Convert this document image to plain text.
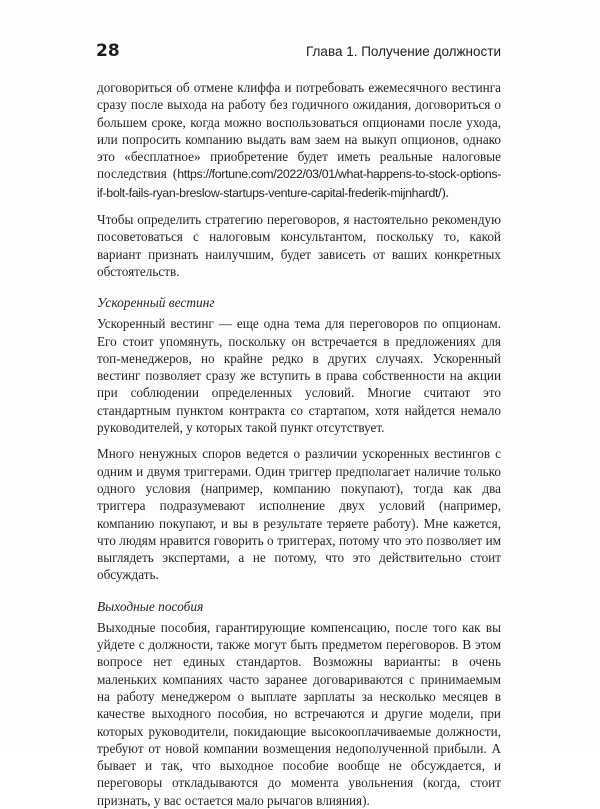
28	Глава 1. Получение должности

договориться об отмене клиффа и потребовать ежемесячного вестинга сразу после выхода на работу без годичного ожидания, договориться о большем сроке, когда можно воспользоваться опционами после ухода, или попросить компанию выдать вам заем на выкуп опционов, однако это «бесплатное» приобретение будет иметь реальные налоговые последствия (https://fortune.com/2022/03/01/what-happens-to-stock-options-if-bolt-fails-ryan-breslow-startups-venture-capital-frederik-mijnhardt/).

Чтобы определить стратегию переговоров, я настоятельно рекомендую посоветоваться с налоговым консультантом, поскольку то, какой вариант признать наилучшим, будет зависеть от ваших конкретных обстоятельств.

Ускоренный вестинг

Ускоренный вестинг — еще одна тема для переговоров по опционам. Его стоит упомянуть, поскольку он встречается в предложениях для топ-менеджеров, но крайне редко в других случаях. Ускоренный вестинг позволяет сразу же вступить в права собственности на акции при соблюдении определенных условий. Многие считают это стандартным пунктом контракта со стартапом, хотя найдется немало руководителей, у которых такой пункт отсутствует.

Много ненужных споров ведется о различии ускоренных вестингов с одним и двумя триггерами. Один триггер предполагает наличие только одного условия (например, компанию покупают), тогда как два триггера подразумевают исполнение двух условий (например, компанию покупают, и вы в результате теряете работу). Мне кажется, что людям нравится говорить о триггерах, потому что это позволяет им выглядеть экспертами, а не потому, что это действительно стоит обсуждать.

Выходные пособия

Выходные пособия, гарантирующие компенсацию, после того как вы уйдете с должности, также могут быть предметом переговоров. В этом вопросе нет единых стандартов. Возможны варианты: в очень маленьких компаниях часто заранее договариваются с принимаемым на работу менеджером о выплате зарплаты за несколько месяцев в качестве выходного пособия, но встречаются и другие модели, при которых руководители, покидающие высокооплачиваемые должности, требуют от новой компании возмещения недополученной прибыли. А бывает и так, что выходное пособие вообще не обсуждается, и переговоры откладываются до момента увольнения (когда, стоит признать, у вас остается мало рычагов влияния).
